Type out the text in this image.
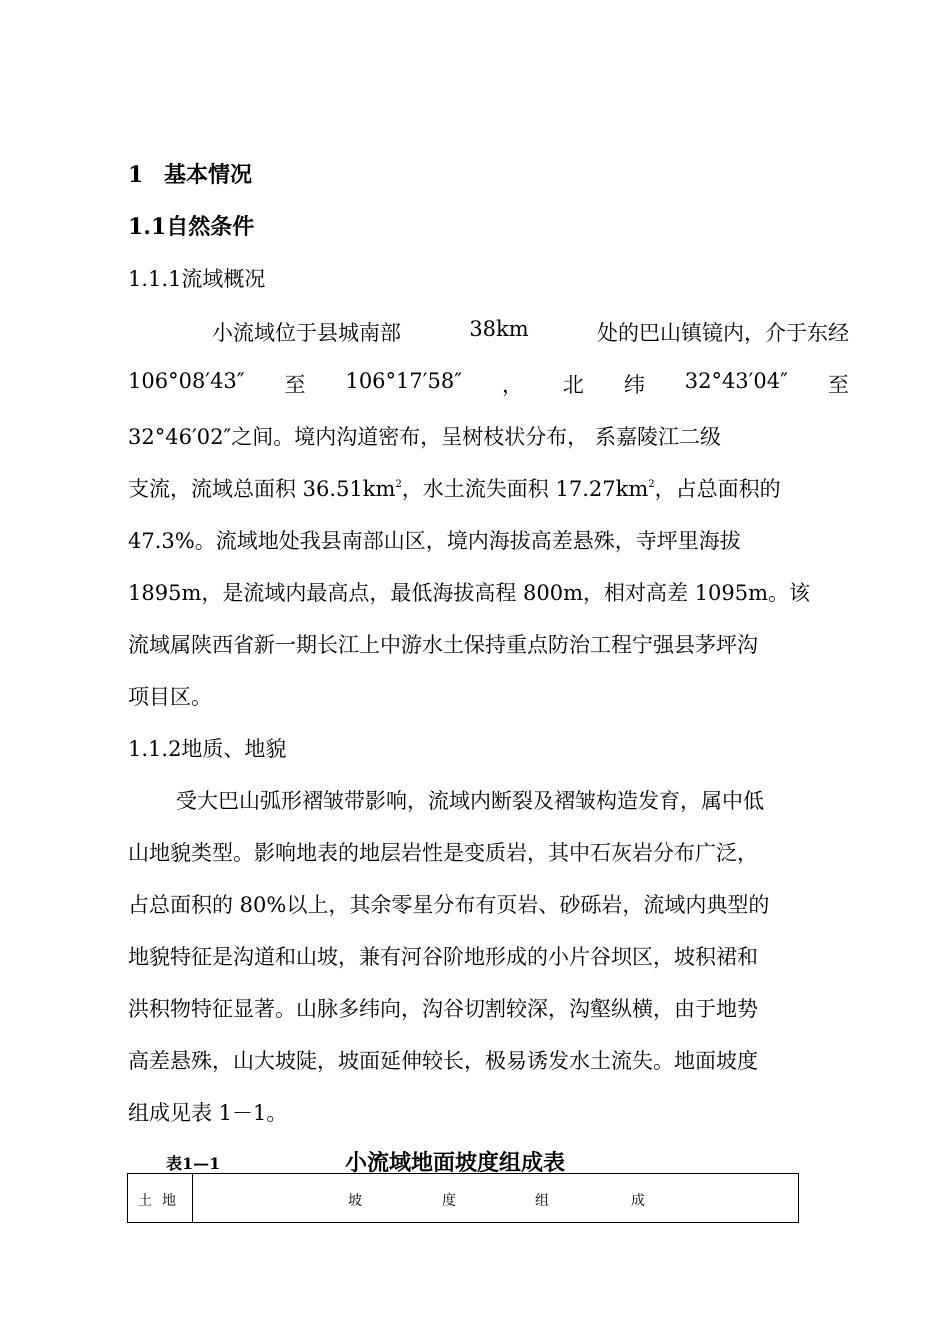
1 基本情况
1.1自然条件
1.1.1流域概况
小流域位于县城南部	38km	处的巴山镇镜内，介于东经
106°08′43″ 至 106°17′58″ ， 北 纬 32°43′04″ 至
32°46′02″之间。境内沟道密布，呈树枝状分布， 系嘉陵江二级
支流，流域总面积 $36.51km^2$，水土流失面积 $17.27km^2$，占总面积的
47.3%。流域地处我县南部山区，境内海拔高差悬殊，寺坪里海拔
1895m，是流域内最高点，最低海拔高程 800m，相对高差 1095m。该
流域属陕西省新一期长江上中游水土保持重点防治工程宁强县茅坪沟
项目区。
1.1.2地质、地貌
受大巴山弧形褶皱带影响，流域内断裂及褶皱构造发育，属中低
山地貌类型。影响地表的地层岩性是变质岩，其中石灰岩分布广泛，
占总面积的 80%以上，其余零星分布有页岩、砂砾岩，流域内典型的
地貌特征是沟道和山坡，兼有河谷阶地形成的小片谷坝区，坡积裙和
洪积物特征显著。山脉多纬向，沟谷切割较深，沟壑纵横，由于地势
高差悬殊，山大坡陡，坡面延伸较长，极易诱发水土流失。地面坡度
组成见表 1－1。
表1—1	小流域地面坡度组成表
土地	坡	度	组	成
